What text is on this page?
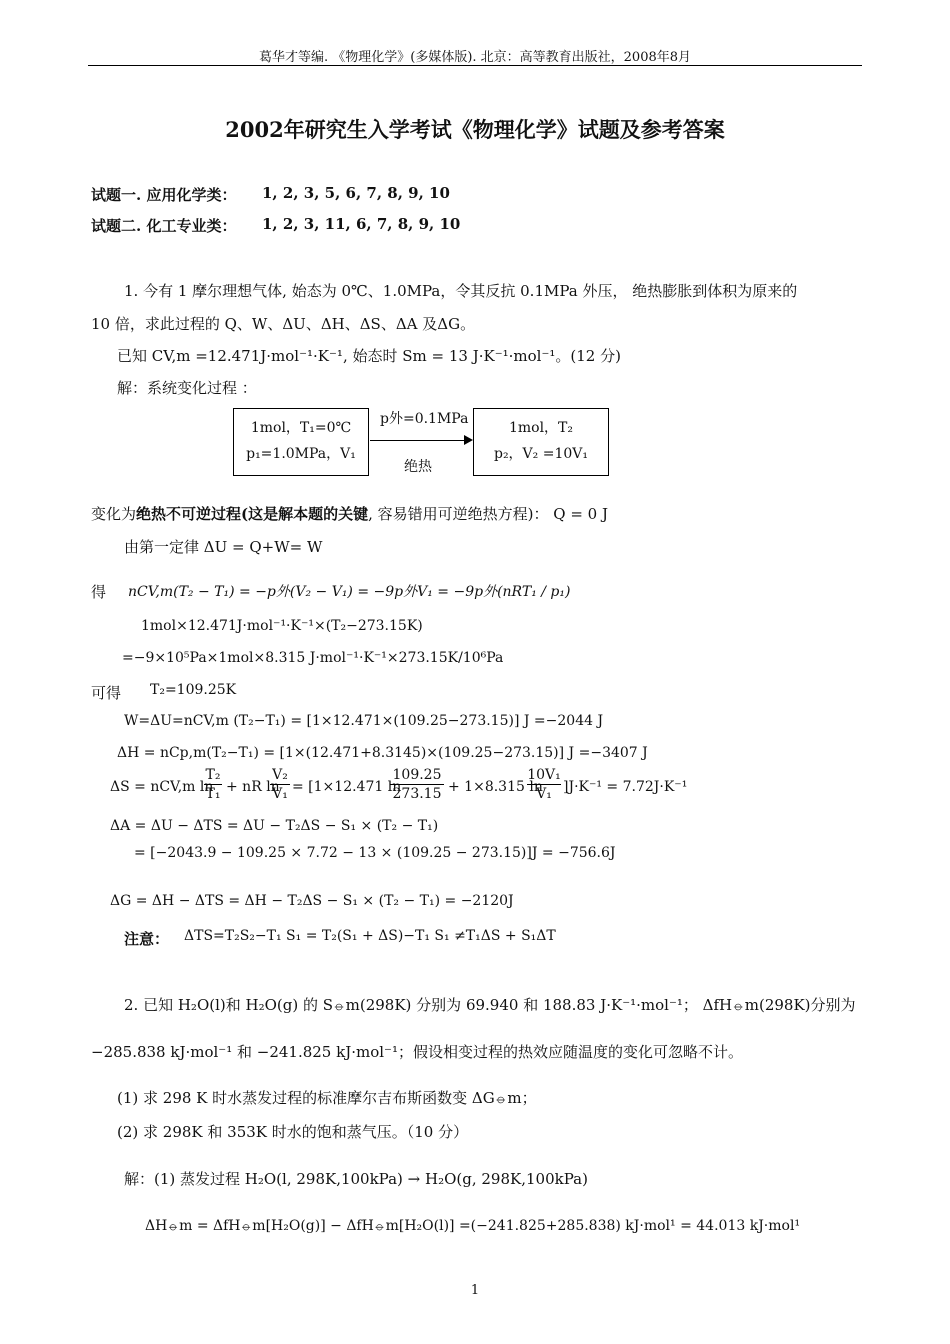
葛华才等编. 《物理化学》(多媒体版). 北京：高等教育出版社，2008年8月
2002年研究生入学考试《物理化学》试题及参考答案
试题一. 应用化学类： 1, 2, 3, 5, 6, 7, 8, 9, 10
试题二. 化工专业类： 1, 2, 3, 11, 6, 7, 8, 9, 10
1. 今有 1 摩尔理想气体, 始态为 0℃、1.0MPa，令其反抗 0.1MPa 外压， 绝热膨胀到体积为原来的
10 倍，求此过程的 Q、W、ΔU、ΔH、ΔS、ΔA 及ΔG。
已知 CV,m =12.471J·mol⁻¹·K⁻¹, 始态时 Sm = 13 J·K⁻¹·mol⁻¹。(12 分)
解：系统变化过程 ：
1mol，T₁=0℃
p₁=1.0MPa，V₁
p外=0.1MPa
绝热
1mol，T₂
p₂，V₂ =10V₁
变化为绝热不可逆过程(这是解本题的关键, 容易错用可逆绝热方程)： Q = 0 J
由第一定律 ΔU = Q+W= W
得 nCV,m(T₂ − T₁) = −p外(V₂ − V₁) = −9p外V₁ = −9p外(nRT₁ / p₁)
1mol×12.471J·mol⁻¹·K⁻¹×(T₂−273.15K)
=−9×10⁵Pa×1mol×8.315 J·mol⁻¹·K⁻¹×273.15K/10⁶Pa
可得 T₂=109.25K
W=ΔU=nCV,m (T₂−T₁) = [1×12.471×(109.25−273.15)] J =−2044 J
ΔH = nCp,m(T₂−T₁) = [1×(12.471+8.3145)×(109.25−273.15)] J =−3407 J
ΔS = nCV,m ln
T₂
T₁ + nR ln
V₂
V₁ = [1×12.471 ln
109.25
273.15 + 1×8.315 ln
10V₁
V₁ ]J·K⁻¹ = 7.72J·K⁻¹
ΔA = ΔU − ΔTS = ΔU − T₂ΔS − S₁ × (T₂ − T₁)
= [−2043.9 − 109.25 × 7.72 − 13 × (109.25 − 273.15)]J = −756.6J
ΔG = ΔH − ΔTS = ΔH − T₂ΔS − S₁ × (T₂ − T₁) = −2120J
注意： ΔTS=T₂S₂−T₁ S₁ = T₂(S₁ + ΔS)−T₁ S₁ ≠T₁ΔS + S₁ΔT
2. 已知 H₂O(l)和 H₂O(g) 的 S⦵m(298K) 分别为 69.940 和 188.83 J·K⁻¹·mol⁻¹； ΔfH⦵m(298K)分别为
−285.838 kJ·mol⁻¹ 和 −241.825 kJ·mol⁻¹；假设相变过程的热效应随温度的变化可忽略不计。
(1) 求 298 K 时水蒸发过程的标准摩尔吉布斯函数变 ΔG⦵m；
(2) 求 298K 和 353K 时水的饱和蒸气压。（10 分）
解：(1) 蒸发过程 H₂O(l, 298K,100kPa) → H₂O(g, 298K,100kPa)
ΔH⦵m = ΔfH⦵m[H₂O(g)] − ΔfH⦵m[H₂O(l)] =(−241.825+285.838) kJ·mol¹ = 44.013 kJ·mol¹
1
